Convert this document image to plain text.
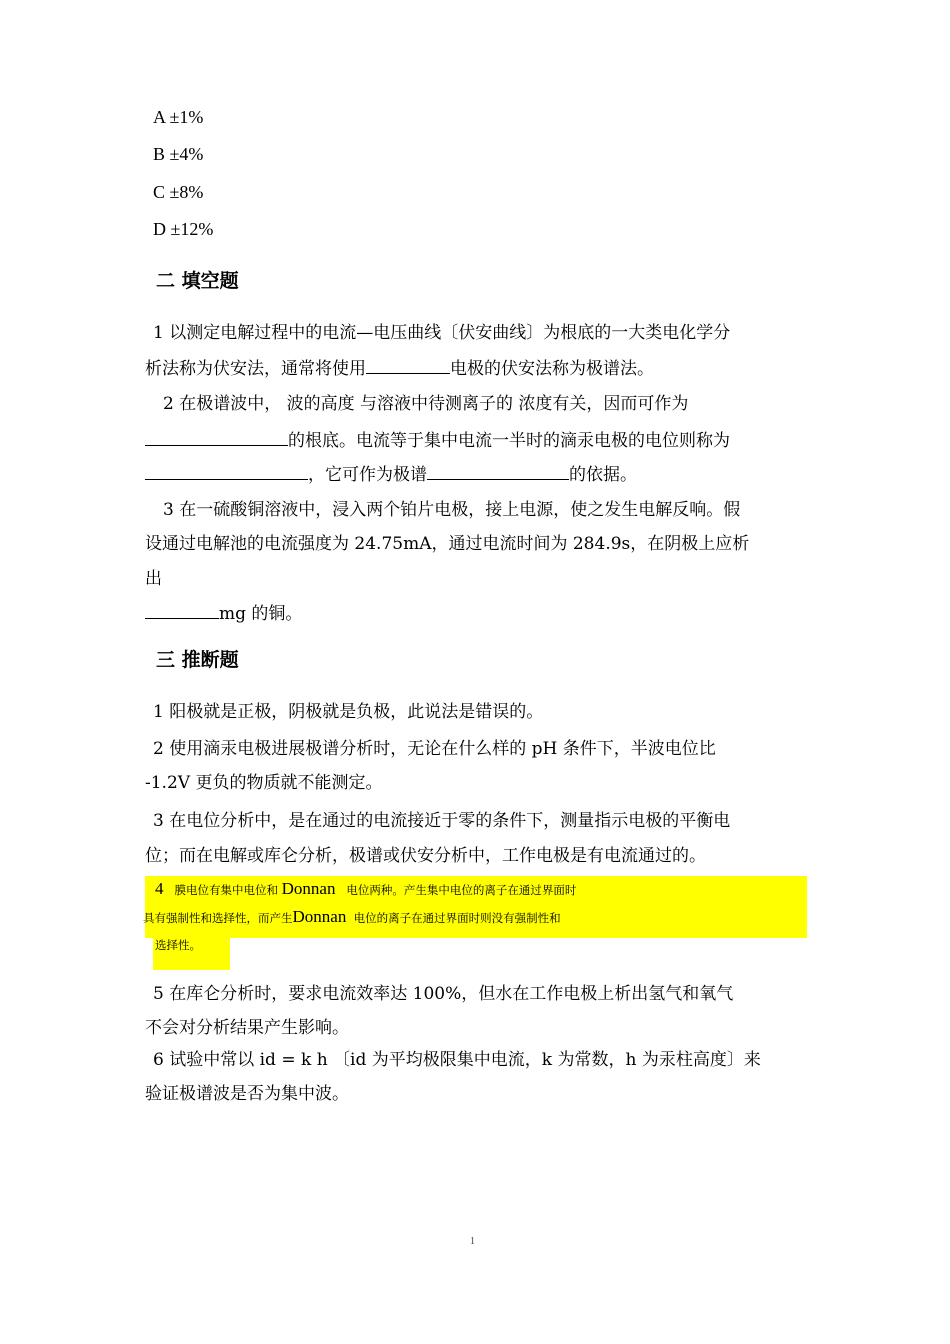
A ±1%
B ±4%
C ±8%
D ±12%
二 填空题
1 以测定电解过程中的电流—电压曲线〔伏安曲线〕为根底的一大类电化学分
析法称为伏安法，通常将使用	电极的伏安法称为极谱法。
2 在极谱波中， 波的高度 与溶液中待测离子的 浓度有关，因而可作为
的根底。电流等于集中电流一半时的滴汞电极的电位则称为
，它可作为极谱	的依据。
3 在一硫酸铜溶液中，浸入两个铂片电极，接上电源，使之发生电解反响。假
设通过电解池的电流强度为 24.75mA，通过电流时间为 284.9s，在阴极上应析
出
mg 的铜。
三 推断题
1 阳极就是正极，阴极就是负极，此说法是错误的。
2 使用滴汞电极进展极谱分析时，无论在什么样的 pH 条件下，半波电位比
-1.2V 更负的物质就不能测定。
3 在电位分析中，是在通过的电流接近于零的条件下，测量指示电极的平衡电
位；而在电解或库仑分析，极谱或伏安分析中，工作电极是有电流通过的。
4 膜电位有集中电位和 Donnan 电位两种。产生集中电位的离子在通过界面时
具有强制性和选择性，而产生Donnan 电位的离子在通过界面时则没有强制性和
选择性。
5 在库仑分析时，要求电流效率达 100%，但水在工作电极上析出氢气和氧气
不会对分析结果产生影响。
6 试验中常以 id = k h 〔id 为平均极限集中电流，k 为常数，h 为汞柱高度〕来
验证极谱波是否为集中波。
1
